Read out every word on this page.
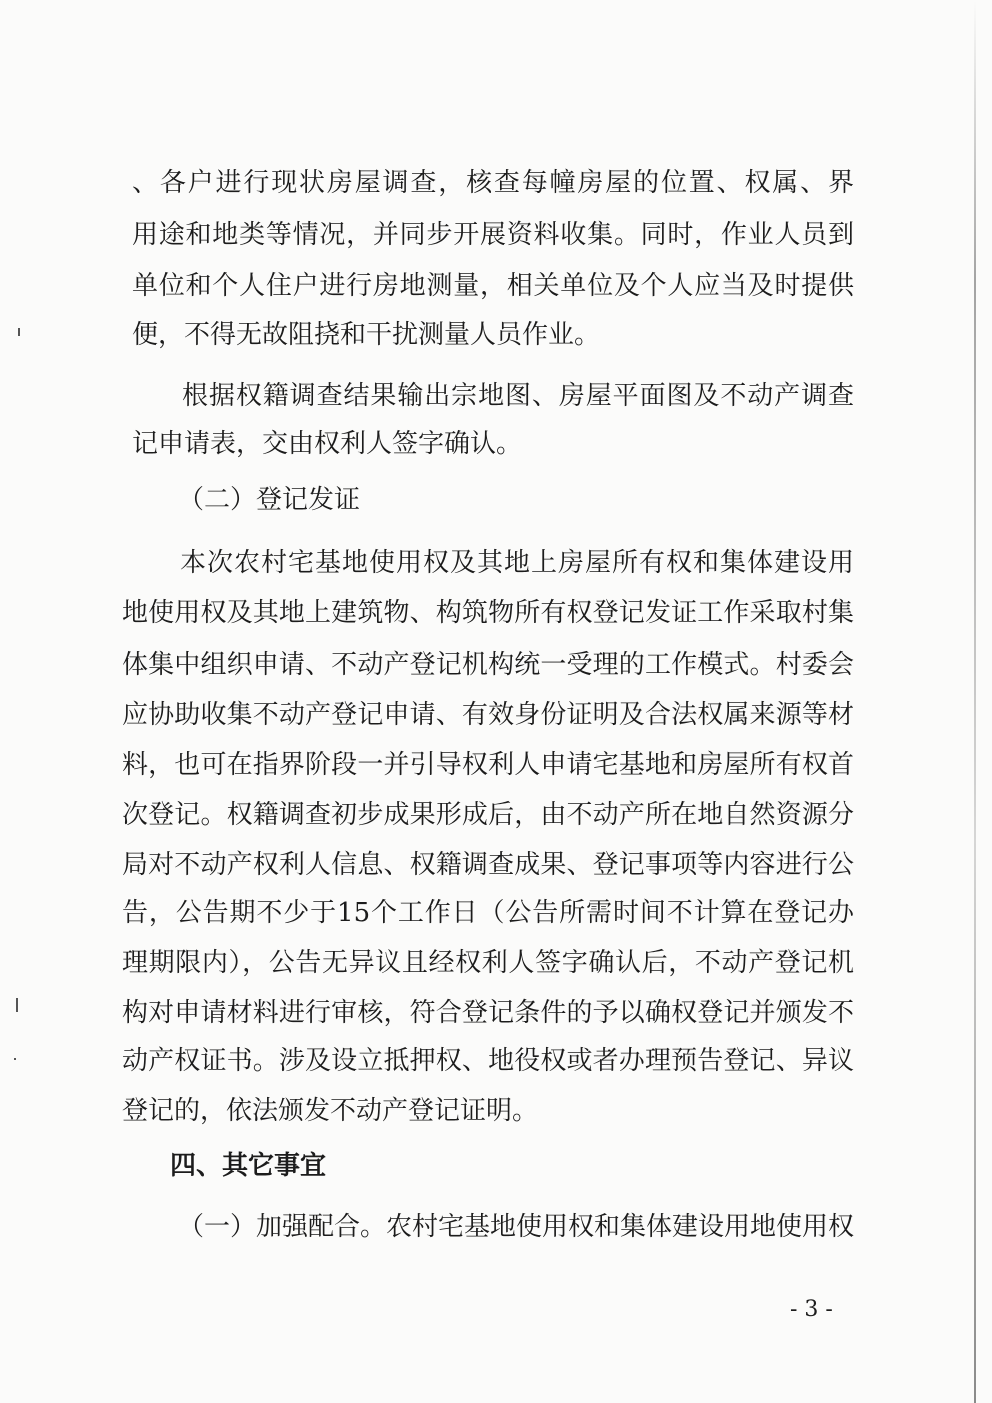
、各户进行现状房屋调查，核查每幢房屋的位置、权属、界
用途和地类等情况，并同步开展资料收集。同时，作业人员到
单位和个人住户进行房地测量，相关单位及个人应当及时提供
便，不得无故阻挠和干扰测量人员作业。
根据权籍调查结果输出宗地图、房屋平面图及不动产调查
记申请表，交由权利人签字确认。
（二）登记发证
本次农村宅基地使用权及其地上房屋所有权和集体建设用
地使用权及其地上建筑物、构筑物所有权登记发证工作采取村集
体集中组织申请、不动产登记机构统一受理的工作模式。村委会
应协助收集不动产登记申请、有效身份证明及合法权属来源等材
料，也可在指界阶段一并引导权利人申请宅基地和房屋所有权首
次登记。权籍调查初步成果形成后，由不动产所在地自然资源分
局对不动产权利人信息、权籍调查成果、登记事项等内容进行公
告，公告期不少于15个工作日（公告所需时间不计算在登记办
理期限内），公告无异议且经权利人签字确认后，不动产登记机
构对申请材料进行审核，符合登记条件的予以确权登记并颁发不
动产权证书。涉及设立抵押权、地役权或者办理预告登记、异议
登记的，依法颁发不动产登记证明。
四、其它事宜
（一）加强配合。农村宅基地使用权和集体建设用地使用权
- 3 -
